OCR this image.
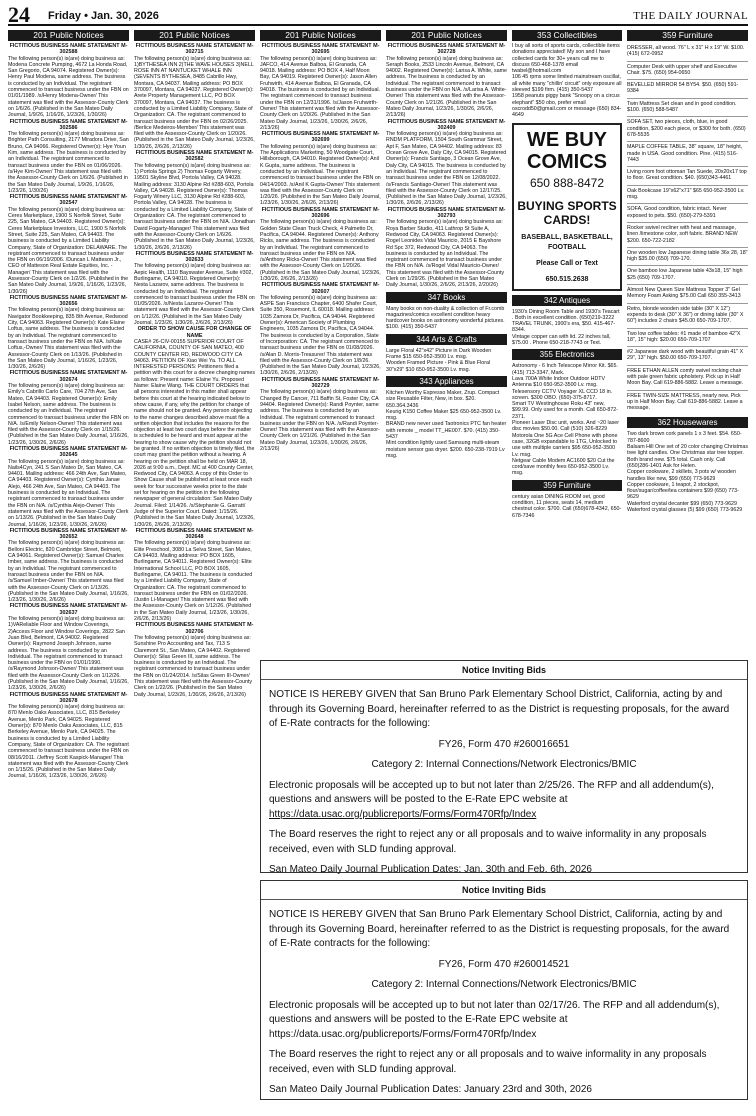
24 Friday • Jan. 30, 2026	THE DAILY JOURNAL
201 Public Notices

FICTITIOUS BUSINESS NAME STATEMENT M-302588

The following person(s) is(are) doing business as: Modena Concrete Pumping, 4672 La Honda Road, San Gregorio, CA 94074. Registered Owner(s): Henry Paul Modena, same address. The business is conducted by an Individual. The registrant commenced to transact business under the FBN on 01/01/1989. /s/Henry Modena-Owner/ This statement was filed with the Assessor-County Clerk on 1/6/26. (Published in the San Mateo Daily Journal, 1/9/26, 1/16/26, 1/23/26, 1/30/26)

FICTITIOUS BUSINESS NAME STATEMENT M-302586

The following person(s) is(are) doing business as: Brighter Path Consulting, 2177 Miradora Drive, San Bruno, CA 94066. Registered Owner(s): Hye Youn Kim, same address. The business is conducted by an Individual. The registrant commenced to transact business under the FBN on 01/06/2026. /s/Hye Kim-Owner/ This statement was filed with the Assessor-County Clerk on 1/6/26. (Published in the San Mateo Daily Journal, 1/9/26, 1/16/26, 1/23/26, 1/30/26)

FICTITIOUS BUSINESS NAME STATEMENT M-302547

The following person(s) is(are) doing business as: Ceres Marketplace, 1900 S Norfolk Street, Suite 225, San Mateo, CA 94403. Registered Owner(s): Ceres Marketplace Investors, LLC, 1900 S Norfolk Street, Suite 225, San Mateo, CA 94403. The business is conducted by a Limited Liability Company, State of Organization: DELAWARE. The registrant commenced to transact business under the FBN on 06/19/2006. /Duncan L Matteson Jr., CEO of Matteson Real Estate Equities, Inc. -Manager/ This statement was filed with the Assessor-County Clerk on 1/2/26. (Published in the San Mateo Daily Journal, 1/9/26, 1/16/26, 1/23/26, 1/30/26)

FICTITIOUS BUSINESS NAME STATEMENT M-302656

The following person(s) is(are) doing business as: Navigator Bookkeeping, 835 8th Avenue, Redwood City, CA 94063. Registered Owner(s): Kate Elaine Loftus, same address. The business is conducted by an Individual. The registrant commenced to transact business under the FBN on N/A. /s/Kate Loftus,-Owner/ This statement was filed with the Assessor-County Clerk on 1/13/26. (Published in the San Mateo Daily Journal, 1/16/26, 1/23/26, 1/30/26, 2/6/26)

FICTITIOUS BUSINESS NAME STATEMENT M-302674

The following person(s) is(are) doing business as: Emily's Cabrillo Carlo Care, 704 27th Ave, San Mateo, CA 94403. Registered Owner(s): Emily Isabel Nelson, same address. The business is conducted by an Individual. The registrant commenced to transact business under the FBN on N/A. /s/Emily Nelson-Owner/ This statement was filed with the Assessor-County Clerk on 1/15/26. (Published in the San Mateo Daily Journal, 1/16/26, 1/23/26, 1/30/26, 2/6/26)

FICTITIOUS BUSINESS NAME STATEMENT M-302645

The following person(s) is(are) doing business as: Nails4Cyn, 241 S San Mateo Dr, San Mateo, CA 94401. Mailing address: 466 24th Ave, San Mateo, CA 94403. Registered Owner(s): Cynthia Janae Alejo, 466 24th Ave, San Mateo, CA 94403. The business is conducted by an Individual. The registrant commenced to transact business under the FBN on N/A. /s/Cynthia Alejo-Owner/ This statement was filed with the Assessor-County Clerk on 1/13/26. (Published in the San Mateo Daily Journal, 1/16/26, 1/23/26, 1/30/26, 2/6/26)

FICTITIOUS BUSINESS NAME STATEMENT M-302652

The following person(s) is(are) doing business as: Belloni Electric, 820 Cambridge Street, Belmont, CA 94061. Registered Owner(s): Samuel Charles Imber, same address. The business is conducted by an Individual. The registrant commenced to transact business under the FBN on N/A. /s/Samuel Imber-Owner/ This statement was filed with the Assessor-County Clerk on 1/13/26. (Published in the San Mateo Daily Journal, 1/16/26, 1/23/26, 1/30/26, 2/6/26)

FICTITIOUS BUSINESS NAME STATEMENT M-302637

The following person(s) is(are) doing business as: 1)VAReliable Floor and Window Coverings, 2)Access Floor and Window Coverings, 2822 San Juan Blvd, Belmont, CA 94002. Registered Owner(s): Raymond Joseph Johnson, same address. The business is conducted by an Individual. The registrant commenced to transact business under the FBN on 01/01/1990. /s/Raymond Johnson-Owner/ This statement was filed with the Assessor-County Clerk on 1/12/26. (Published in the San Mateo Daily Journal, 1/16/26, 1/23/26, 1/30/26, 2/6/26)

FICTITIOUS BUSINESS NAME STATEMENT M-302678

The following person(s) is(are) doing business as: 870 Menlo Oaks Associates, LLC, 815 Berkeley Avenue, Menlo Park, CA 94025. Registered Owner(s): 870 Menlo Oaks Associates, LLC, 815 Berkeley Avenue, Menlo Park, CA 94025. The business is conducted by a Limited Liability Company, State of Organization: CA. The registrant commenced to transact business under the FBN on 08/16/2011. /Jeffrey Scott Kaspick-Manager/ This statement was filed with the Assessor-County Clerk on 1/15/26. (Published in the San Mateo Daily Journal, 1/16/26, 1/23/26, 1/30/26, 2/6/26)

201 Public Notices

FICTITIOUS BUSINESS NAME STATEMENT M-302715

The following person(s) is(are) doing business as: 1)BYTHESEA INN 2)THE WAVE HOUSES 3)NELL ROSE INN AT NANTUCKET WHALE INN (SEVENTS BYTHESEA, 8485 Cabrillo Hwy, Montara, CA 94037. Mailing address: PO BOX 370097, Montara, CA 94037. Registered Owner(s): Arete Property Management LLC, PO BOX 370097, Montara, CA 94037. The business is conducted by a Limited Liability Company, State of Organization: CA. The registrant commenced to transact business under the FBN on 02/26/2025. /Berlice Medeiros-Member/ This statement was filed with the Assessor-County Clerk on 1/20/26. (Published in the San Mateo Daily Journal, 1/23/26, 1/30/26, 2/6/26, 2/13/26)

FICTITIOUS BUSINESS NAME STATEMENT M-302582

The following person(s) is(are) doing business as: 1) Portola Springs 2) Thomas Fogarty Winery, 19501 Skyline Blvd, Portola Valley, CA 94028. Mailing address: 3130 Alpine Rd #288-603, Portola Valley, CA 94028. Registered Owner(s): Thomas Fogarty Winery LLC, 3130 Alpine Rd #288-603, Portola Valley, CA 94028. The business is conducted by a Limited Liability Company, State of Organization: CA. The registrant commenced to transact business under the FBN on N/A. /Jonathan David Fogarty-Manager/ This statement was filed with the Assessor-County Clerk on 1/6/26. (Published in the San Mateo Daily Journal, 1/23/26, 1/30/26, 2/6/26, 2/13/26)

FICTITIOUS BUSINESS NAME STATEMENT M-302633

The following person(s) is(are) doing business as: Aepic Health, 1110 Bayswater Avenue, Suite #302, Burlingame, CA 94010. Registered Owner(s): Nesta Lazarov, same address. The business is conducted by an Individual. The registrant commenced to transact business under the FBN on 01/05/2026. /s/Nesta Lazarov-Owner/ This statement was filed with the Assessor-County Clerk on 1/12/26. (Published in the San Mateo Daily Journal, 1/23/26, 1/30/26, 2/6/26, 2/13/26)

ORDER TO SHOW CAUSE FOR CHANGE OF NAME

CASE# 26-CIV-00155 SUPERIOR COURT OF CALIFORNIA, COUNTY OF SAN MATEO, 400 COUNTY CENTER RD, REDWOOD CITY CA 94063. PETITION OF Xiao Wei Ya. TO ALL INTERESTED PERSONS: Petitioners filed a petition with this court for a decree changing names as follows: Present name: Elaine Yu. Proposed Name: Elaine Wang. THE COURT ORDERS that all persons interested in this matter shall appear before this court at the hearing indicated below to show cause, if any, why the petition for change of name should not be granted. Any person objecting to the name changes described above must file a written objection that includes the reasons for the objection at least two court days before the matter is scheduled to be heard and must appear at the hearing to show cause why the petition should not be granted. If no written objection is timely filed, the court may grant the petition without a hearing. A hearing on the petition shall be held on MAR 18, 2026 at 9:00 a.m., Dept. MC at 400 County Center, Redwood City, CA 94063. A copy of this Order to Show Cause shall be published at least once each week for four successive weeks prior to the date set for hearing on the petition in the following newspaper of general circulation: San Mateo Daily Journal. Filed: 1/14/26. /s/Stephanie G. Garratt/ Judge of the Superior Court. Dated: 1/15/26. (Published in the San Mateo Daily Journal, 1/23/26, 1/30/26, 2/6/26, 2/13/26)

FICTITIOUS BUSINESS NAME STATEMENT M-302648

The following person(s) is(are) doing business as: Elite Preschool, 3080 La Selva Street, San Mateo, CA 94403. Mailing address: PO BOX 1605, Burlingame, CA 94011. Registered Owner(s): Elite International School LLC, PO BOX 1605, Burlingame, CA 94011. The business is conducted by a Limited Liability Company, State of Organization: CA. The registrant commenced to transact business under the FBN on 01/02/2026. /Justin Li-Manager/ This statement was filed with the Assessor-County Clerk on 1/12/26. (Published in the San Mateo Daily Journal, 1/23/26, 1/30/26, 2/6/26, 2/13/26)

FICTITIOUS BUSINESS NAME STATEMENT M-302706

The following person(s) is(are) doing business as: Sunshine Pro Accounting and Tax, 713 S Claremont St., San Mateo, CA 94402. Registered Owner(s): Silas Green III, same address. The business is conducted by an Individual. The registrant commenced to transact business under the FBN on 01/24/2014. /s/Silas Green III-Owner/ This statement was filed with the Assessor-County Clerk on 1/22/26. (Published in the San Mateo Daily Journal, 1/23/26, 1/30/26, 2/6/26, 2/13/26)

201 Public Notices

FICTITIOUS BUSINESS NAME STATEMENT M-302695

The following person(s) is(are) doing business as: JAFCO, 414 Avenue Balboa, El Granada, CA 94018. Mailing address: PO BOX 4, Half Moon Bay, CA 94019. Registered Owner(s): Jason Allen Fruhwirth, 414 Avenue Balboa, El Granada, CA 94018. The business is conducted by an Individual. The registrant commenced to transact business under the FBN on 12/31/1996. /s/Jason Fruhwirth-Owner/ This statement was filed with the Assessor-County Clerk on 1/20/26. (Published in the San Mateo Daily Journal, 1/23/26, 1/30/26, 2/6/26, 2/13/26)

FICTITIOUS BUSINESS NAME STATEMENT M-302699

The following person(s) is(are) doing business as: The Applications Marketing, 50 Woodgate Court, Hillsborough, CA 94010. Registered Owner(s): Anil K Gupta, same address. The business is conducted by an Individual. The registrant commenced to transact business under the FBN on 04/14/2003. /s/Anil K Gupta-Owner/ This statement was filed with the Assessor-County Clerk on 1/20/26. (Published in the San Mateo Daily Journal, 1/23/26, 1/30/26, 2/6/26, 2/13/26)

FICTITIOUS BUSINESS NAME STATEMENT M-302696

The following person(s) is(are) doing business as: Golden State Clean Truck Check, 4 Palmetto Dr, Pacifica, CA 94044. Registered Owner(s): Anthony Ricks, same address. The business is conducted by an Individual. The registrant commenced to transact business under the FBN on N/A. /s/Anthony Ricks-Owner/ This statement was filed with the Assessor-County Clerk on 1/20/26. (Published in the San Mateo Daily Journal, 1/23/26, 1/30/26, 2/6/26, 2/13/26)

FICTITIOUS BUSINESS NAME STATEMENT M-302607

The following person(s) is(are) doing business as: ASPE San Francisco Chapter, 6400 Shafer Court, Suite 350, Rosemont, IL 60018. Mailing address: 1035 Zamora Dr, Pacifica, CA 94044. Registered Owner(s): American Society of Plumbing Engineers, 1035 Zamora Dr, Pacifica, CA 94044. The business is conducted by a Corporation, State of Incorporation: CA. The registrant commenced to transact business under the FBN on 01/08/2026. /s/Alan D. Morris-Treasurer/ This statement was filed with the Assessor-County Clerk on 1/8/26. (Published in the San Mateo Daily Journal, 1/23/26, 1/30/26, 2/6/26, 2/13/26)

FICTITIOUS BUSINESS NAME STATEMENT M-302729

The following person(s) is(are) doing business as: Changed By Cancer, 711 Baffin St, Foster City, CA 94404. Registered Owner(s): Randi Poynter, same address. The business is conducted by an Individual. The registrant commenced to transact business under the FBN on N/A. /s/Randi Poynter-Owner/ This statement was filed with the Assessor-County Clerk on 1/21/26. (Published in the San Mateo Daily Journal, 1/23/26, 1/30/26, 2/6/26, 2/13/26)

201 Public Notices

FICTITIOUS BUSINESS NAME STATEMENT M-302728

The following person(s) is(are) doing business as: Seraph Books, 2533 Lincoln Avenue, Belmont, CA 94002. Registered Owner(s): Larisa A. White, same address. The business is conducted by an Individual. The registrant commenced to transact business under the FBN on N/A. /s/Larisa A. White-Owner/ This statement was filed with the Assessor-County Clerk on 1/21/26. (Published in the San Mateo Daily Journal, 1/23/26, 1/30/26, 2/6/26, 2/13/26)

FICTITIOUS BUSINESS NAME STATEMENT M-302409

The following person(s) is(are) doing business as: RNDM PLATFORM, 1504 South Grammar Street, Apt F, San Mateo, CA 94402. Mailing address: 83 Ocean Grove Ave, Daly City, CA 94015. Registered Owner(s): Francis Santiago, 3 Ocean Grove Ave, Daly City, CA 94015. The business is conducted by an Individual. The registrant commenced to transact business under the FBN on 12/08/2022. /s/Francis Santiago-Owner/ This statement was filed with the Assessor-County Clerk on 12/17/25. (Published in the San Mateo Daily Journal, 1/23/26, 1/30/26, 2/6/26, 2/13/26)

FICTITIOUS BUSINESS NAME STATEMENT M-302793

The following person(s) is(are) doing business as: Roya Barber Studio, 411 Lathrop St Suite A, Redwood City, CA 94063. Registered Owner(s): Rogel Leonides Vidal Mauricio, 2015 E Bayshore Rd Spc 372, Redwood City, CA 94063. The business is conducted by an Individual. The registrant commenced to transact business under the FBN on N/A. /s/Rogel Vidal Mauricio-Owner/ This statement was filed with the Assessor-County Clerk on 1/29/26. (Published in the San Mateo Daily Journal, 1/30/26, 2/6/26, 2/13/26, 2/20/26)

347 Books

Many books on non-duality & collection of Fr.comb magazines/comics excellent condition heavy hardcover books on astronomy wonderful pictures. $100. (415) 350-5437

344 Arts & Crafts

Large Floral 42"x42" Picture in Dark Wooden Frame $15 650-952-3500 Lv. msg.

Wooden Framed Picture - Pink & Blue Floral 30"x29" $10 650-952-3500 Lv. msg.

343 Appliances

Kitchen Worthy Espresso Maker, Zrup. Compact size Reusable Filter, New, in box. $20. 650.364.3436

Keurig K150 Coffee Maker $25 650-952-3500 Lv. msg.

BRAND new never used Taotronics PTC fan heater with remote _ model TT_HE007. $70. (415) 350-5437

Mint condition lightly used Samsung multi-steam moisture sensor gas dryer. $200. 650-238-7919 Lv msg.

353 Collectibles

I buy all sorts of sports cards, collectible items donations appreciated! My son and I have collected cards for 30+ years call me to discuss 650-468-1378 email twabel@hotmail.com

106 45 rpms some limited mainstream oscillat, all white many "chillin' circuit" only exposure all sleeved $199 firm. (415) 350-5437

1958 peanuts piggy bank "Snoopy on a circus elephant" $50 obo, prefer email oscrodd50@gmail.com or message (650) 834-4649

WE BUY
COMICS
650 888-8472
BUYING SPORTS CARDS!
BASEBALL, BASKETBALL, FOOTBALL
Please Call or Text
650.515.2638
342 Antiques

1930's Dining Room Table and 1930's Teacart . Both in excellent condition. (650)219-3222

TRAVEL TRUNK, 1900's era, $50. 415-467-8344.

Vintage copper can with lid. 22 inches tall, $75.00 . Phone 650-218-7743 or Text.

355 Electronics

Astronomy - 6 Inch Telescope Mirror Kit. $65. (415) 713-3347, Mark.

Lava 700A White Indoor Outdoor HDTV Antenna $10 650-952-3500 Lv. msg.

Telesensory CCTV Voyager XL CCD 18 in. screen. $300 OBO. (650)-375-8717.

Smart TV Westinghouse Roku 43" new, $99.99. Only used for a month. Call 650-872-2371.

Pioneer Laser Disc unit, works. And ~20 laser disc movies $50.00. Call (510) 326-8229

Motorola One 5G Ace Cell Phone with phone case, 32GB expandable to 1TG, Unlocked to use with multiple carriers $95 650-952-3500 Lv. msg.

Netgear Cable Modem AC1600 $20 Cut the cord/save monthly fees 650-952-3500 Lv. msg.

359 Furniture

century asian DINING ROOM set, good condition, 11 pieces, seats 14, medium chestnut color. $700. Call (650)678-4342, 650-678-7346

359 Furniture
DRESSER, all wood. 76" L x 31" H x 19" W. $100. (415) 672-0952
Computer Desk with upper shelf and Executive Chair. $75. (650) 954-0650
BEVELLED MIRROR 54 BY54. $50. (650) 591-9384
Twin Mattress Set clean and in good condition. $100. (650) 588-5487
SOFA SET, two pieces, cloth, blue, in good condition, $200 each piece, or $300 for both. (650) 678-5535
MAPLE COFFEE TABLE, 38" square, 18" height, made in USA. Good condition. Pine. (415) 516-7443
Living room foot ottoman Tan Suede, 20x20x17 top to floor. Great condition. $40. (650)343-4461
Oak Bookcase 19"x62"x71" $65 650-952-3500 Lv. msg.
SOFA, Good condition, fabric intact. Never exposed to pets. $50. (650)-279-5391
Rocker swivel recliner with heat and massage, linen /limestone color, soft fabric. BRAND NEW $200. 650-722-2182
One wooden low Japanese dining table 36x 28, 18" high $35.00 (650) 709-170.
One bamboo low Japanese table 43x18, 15" high $25 (650) 709-1707.
Almost New Queen Size Mattress Topper 3" Gel Memory Foam Asking $75.00 Call 650 355-3413
Retro, blonde wooden side table (30" X 12") expends to desk (30" X 36") or dining table (30" X 60") includes 2 chairs $45.00 650-709-1707.
Two low coffee tables: #1 made of bamboo 42"X 18", 15" high: $20.00 650-709-1707
#2 Japanese dark wood with beautiful grain 41" X 29", 13" high. $50.00 650-709-1707.
FREE ETHAN ALLEN comfy swivel rocking chair with pale green fabric upholstery. Pick up in Half Moon Bay. Call 619-886-5882. Leave a message.
FREE TWIN-SIZE MATTRESS, nearly new. Pick up in Half Moon Bay. Call 619-886-5882. Leave a message.
362 Housewares

Two dark brown cork panels 1 x 3 feet. $54. 650-787-8600

Balsam Hill One set of 20 color changing Christmas tree light candles. One Christmas star tree topper. Both brand new. $75 total. Cash only. Call (650)286-1401 Ask for Helen.

Copper cookware, 2 skillets, 3 pots w/ wooden handles like new, $99 (650) 773-9629

Copper cookware, 1 teapot, 2 stockpot, flour/sugar/coffee/tea containers $99 (650) 773-9629

Waterford crystal decanter $99 (650) 773-9629

Waterford crystal glasses (5) $99 (650) 773-9629

Notice Inviting Bids

NOTICE IS HEREBY GIVEN that San Bruno Park Elementary School District, California, acting by and through its Governing Board, hereinafter referred to as the District is requesting proposals, for the award of E-Rate contracts for the following:

FY26, Form 470 #260016651

Category 2: Internal Connections/Network Electronics/BMIC

Electronic proposals will be accepted up to but not later than 2/25/26. The RFP and all addendum(s), questions and answers will be posted to the E-Rate EPC website at

https://data.usac.org/publicreports/Forms/Form470Rfp/Index

The Board reserves the right to reject any or all proposals and to waive informality in any proposals received, even with SLD funding approval.

San Mateo Daily Journal Publication Dates: Jan. 30th and Feb. 6th, 2026

Notice Inviting Bids

NOTICE IS HEREBY GIVEN that San Bruno Park Elementary School District, California, acting by and through its Governing Board, hereinafter referred to as the District is requesting proposals, for the award of E-Rate contracts for the following:

FY26, Form 470 #260014521

Category 2: Internal Connections/Network Electronics/BMIC

Electronic proposals will be accepted up to but not later than 02/17/26. The RFP and all addendum(s), questions and answers will be posted to the E-Rate EPC website at https://data.usac.org/publicreports/Forms/Form470Rfp/Index

The Board reserves the right to reject any or all proposals and to waive informality in any proposals received, even with SLD funding approval.

San Mateo Daily Journal Publication Dates: January 23rd and 30th, 2026
